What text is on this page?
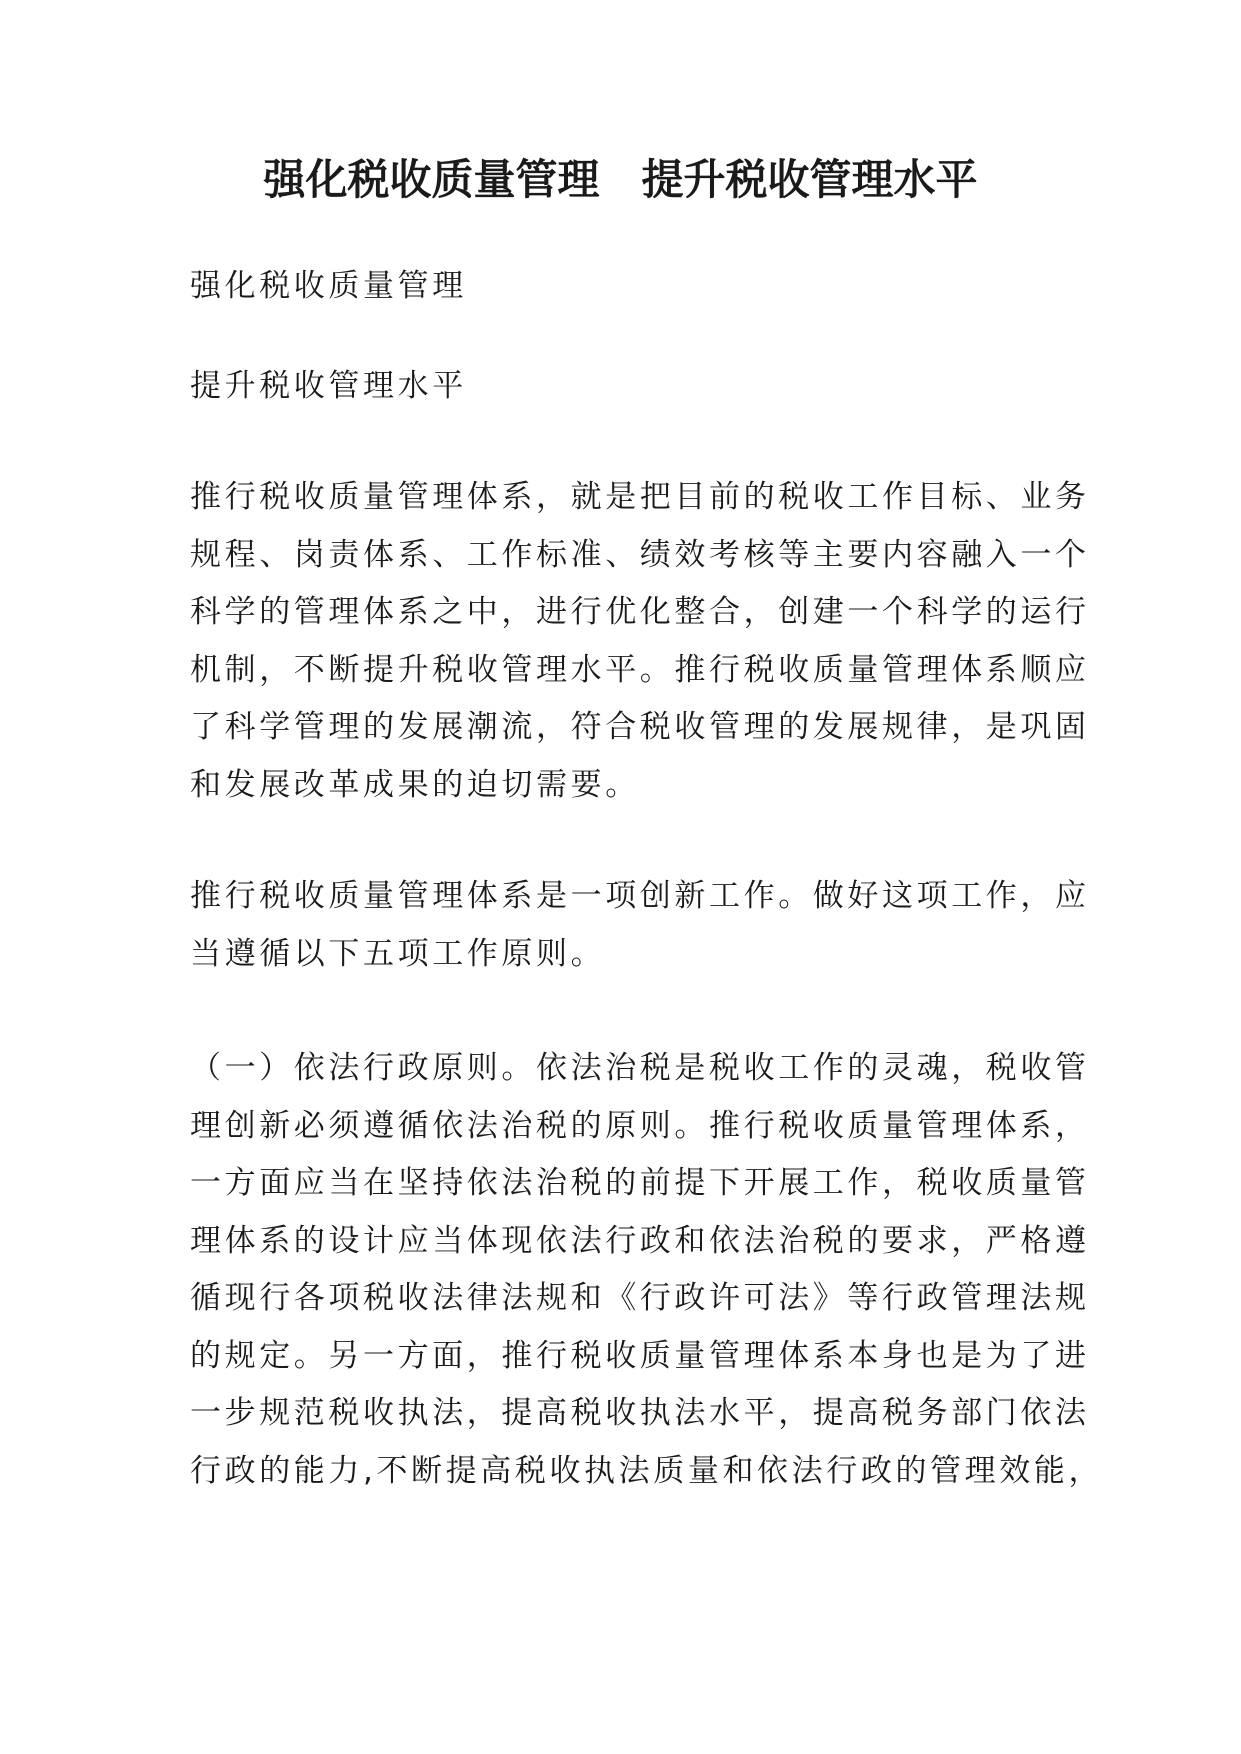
强化税收质量管理　提升税收管理水平
强化税收质量管理
提升税收管理水平
推行税收质量管理体系，就是把目前的税收工作目标、业务
规程、岗责体系、工作标准、绩效考核等主要内容融入一个
科学的管理体系之中，进行优化整合，创建一个科学的运行
机制，不断提升税收管理水平。推行税收质量管理体系顺应
了科学管理的发展潮流，符合税收管理的发展规律，是巩固
和发展改革成果的迫切需要。
推行税收质量管理体系是一项创新工作。做好这项工作，应
当遵循以下五项工作原则。
（一）依法行政原则。依法治税是税收工作的灵魂，税收管
理创新必须遵循依法治税的原则。推行税收质量管理体系，
一方面应当在坚持依法治税的前提下开展工作，税收质量管
理体系的设计应当体现依法行政和依法治税的要求，严格遵
循现行各项税收法律法规和《行政许可法》等行政管理法规
的规定。另一方面，推行税收质量管理体系本身也是为了进
一步规范税收执法，提高税收执法水平，提高税务部门依法
行政的能力,不断提高税收执法质量和依法行政的管理效能，
